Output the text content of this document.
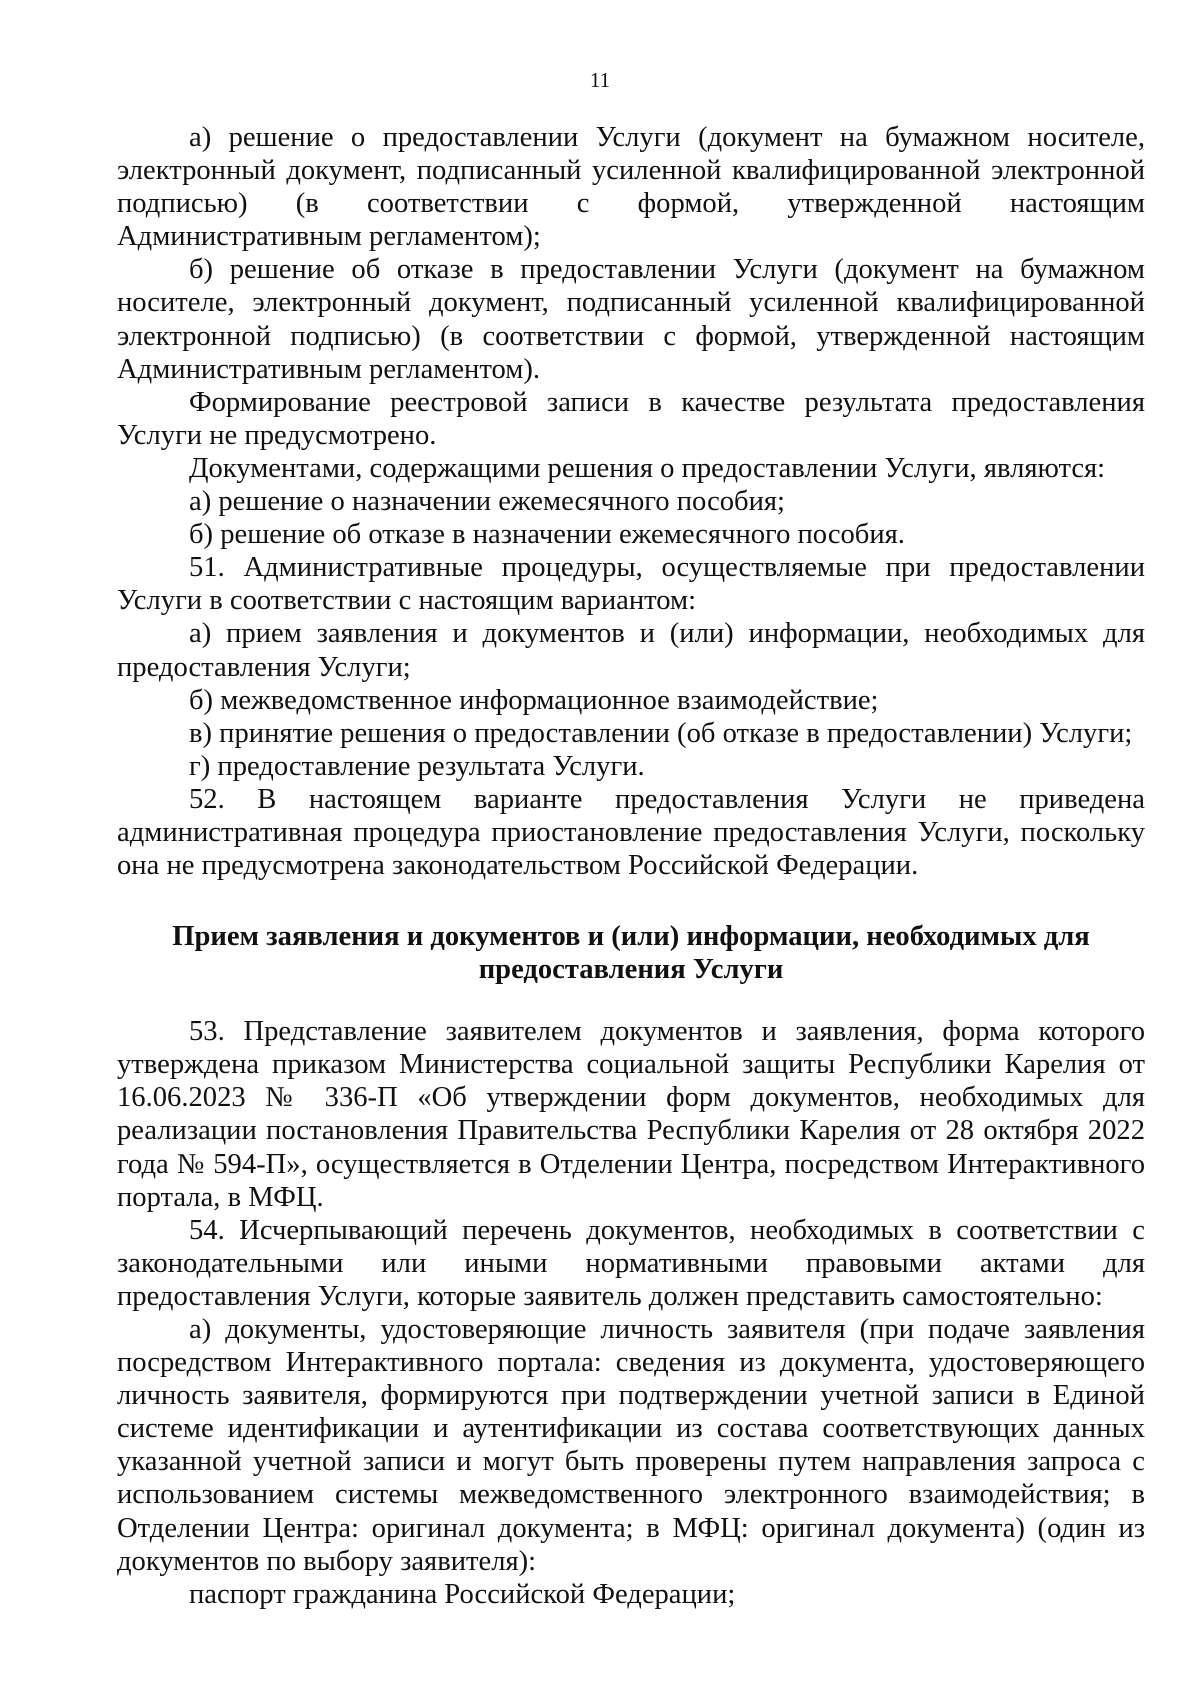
11

а) решение о предоставлении Услуги (документ на бумажном носителе, электронный документ, подписанный усиленной квалифицированной электронной подписью) (в соответствии с формой, утвержденной настоящим Административным регламентом);

б) решение об отказе в предоставлении Услуги (документ на бумажном носителе, электронный документ, подписанный усиленной квалифицированной электронной подписью) (в соответствии с формой, утвержденной настоящим Административным регламентом).

Формирование реестровой записи в качестве результата предоставления Услуги не предусмотрено.

Документами, содержащими решения о предоставлении Услуги, являются:

а) решение о назначении ежемесячного пособия;

б) решение об отказе в назначении ежемесячного пособия.

51. Административные процедуры, осуществляемые при предоставлении Услуги в соответствии с настоящим вариантом:

а) прием заявления и документов и (или) информации, необходимых для предоставления Услуги;

б) межведомственное информационное взаимодействие;

в) принятие решения о предоставлении (об отказе в предоставлении) Услуги;

г) предоставление результата Услуги.

52. В настоящем варианте предоставления Услуги не приведена административная процедура приостановление предоставления Услуги, поскольку она не предусмотрена законодательством Российской Федерации.

Прием заявления и документов и (или) информации, необходимых для
предоставления Услуги

53. Представление заявителем документов и заявления, форма которого утверждена приказом Министерства социальной защиты Республики Карелия от 16.06.2023 № 336-П «Об утверждении форм документов, необходимых для реализации постановления Правительства Республики Карелия от 28 октября 2022 года № 594-П», осуществляется в Отделении Центра, посредством Интерактивного портала, в МФЦ.

54. Исчерпывающий перечень документов, необходимых в соответствии с законодательными или иными нормативными правовыми актами для предоставления Услуги, которые заявитель должен представить самостоятельно:

а) документы, удостоверяющие личность заявителя (при подаче заявления посредством Интерактивного портала: сведения из документа, удостоверяющего личность заявителя, формируются при подтверждении учетной записи в Единой системе идентификации и аутентификации из состава соответствующих данных указанной учетной записи и могут быть проверены путем направления запроса с использованием системы межведомственного электронного взаимодействия; в Отделении Центра: оригинал документа; в МФЦ: оригинал документа) (один из документов по выбору заявителя):

паспорт гражданина Российской Федерации;
